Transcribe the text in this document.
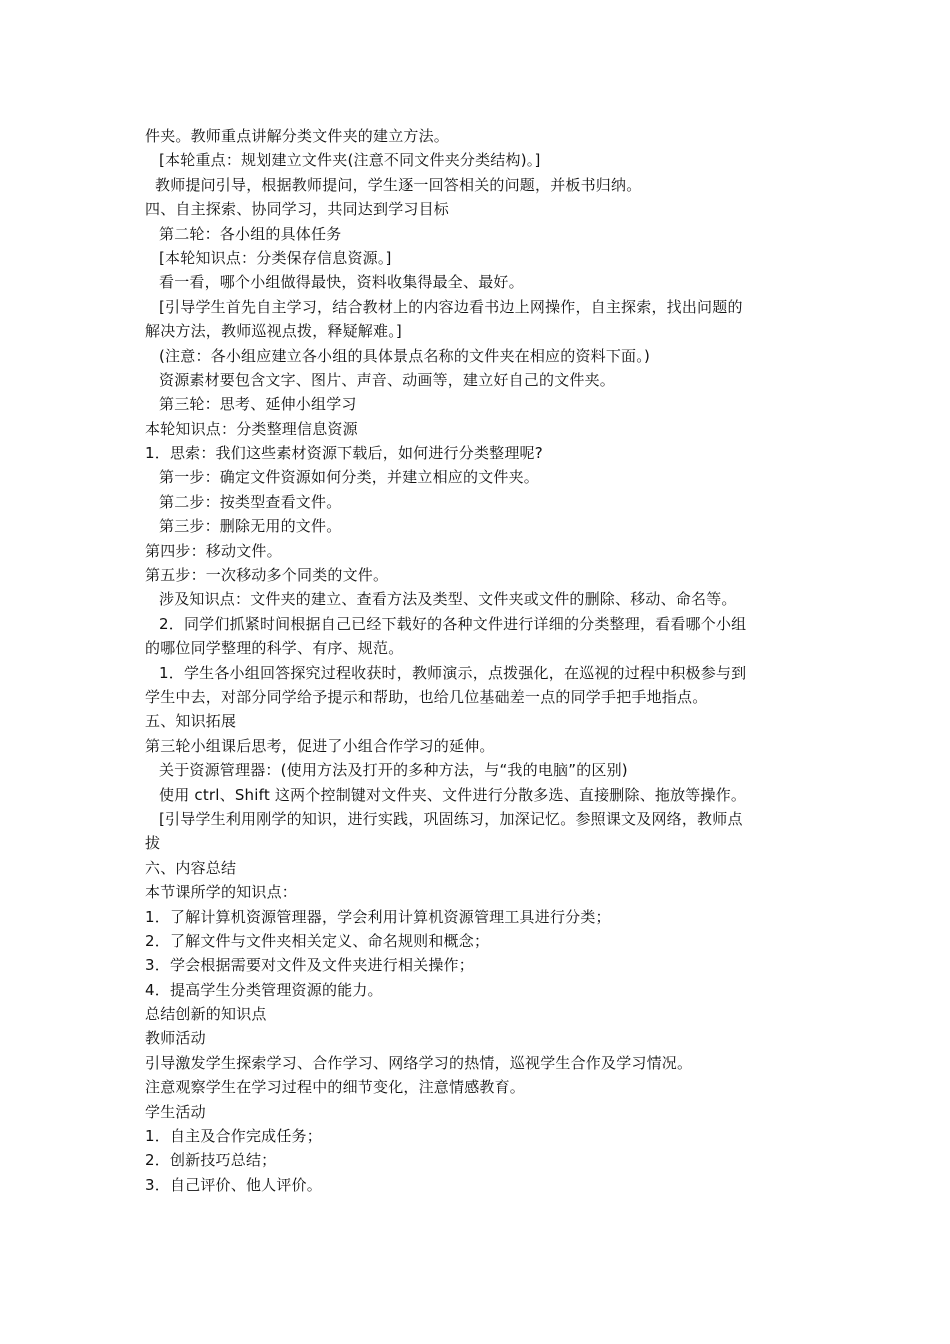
件夹。教师重点讲解分类文件夹的建立方法。
[本轮重点：规划建立文件夹(注意不同文件夹分类结构)。]
教师提问引导，根据教师提问，学生逐一回答相关的问题，并板书归纳。
四、自主探索、协同学习，共同达到学习目标
第二轮：各小组的具体任务
[本轮知识点：分类保存信息资源。]
看一看，哪个小组做得最快，资料收集得最全、最好。
[引导学生首先自主学习，结合教材上的内容边看书边上网操作，自主探索，找出问题的
解决方法，教师巡视点拨，释疑解难。]
(注意：各小组应建立各小组的具体景点名称的文件夹在相应的资料下面。)
资源素材要包含文字、图片、声音、动画等，建立好自己的文件夹。
第三轮：思考、延伸小组学习
本轮知识点：分类整理信息资源
1．思索：我们这些素材资源下载后，如何进行分类整理呢?
第一步：确定文件资源如何分类，并建立相应的文件夹。
第二步：按类型查看文件。
第三步：删除无用的文件。
第四步：移动文件。
第五步：一次移动多个同类的文件。
涉及知识点：文件夹的建立、查看方法及类型、文件夹或文件的删除、移动、命名等。
2．同学们抓紧时间根据自己已经下载好的各种文件进行详细的分类整理，看看哪个小组
的哪位同学整理的科学、有序、规范。
1．学生各小组回答探究过程收获时，教师演示，点拨强化，在巡视的过程中积极参与到
学生中去，对部分同学给予提示和帮助，也给几位基础差一点的同学手把手地指点。
五、知识拓展
第三轮小组课后思考，促进了小组合作学习的延伸。
关于资源管理器：(使用方法及打开的多种方法，与“我的电脑”的区别)
使用 ctrl、Shift 这两个控制键对文件夹、文件进行分散多选、直接删除、拖放等操作。
[引导学生利用刚学的知识，进行实践，巩固练习，加深记忆。参照课文及网络，教师点
拔
六、内容总结
本节课所学的知识点：
1．了解计算机资源管理器，学会利用计算机资源管理工具进行分类；
2．了解文件与文件夹相关定义、命名规则和概念；
3．学会根据需要对文件及文件夹进行相关操作；
4．提高学生分类管理资源的能力。
总结创新的知识点
教师活动
引导激发学生探索学习、合作学习、网络学习的热情，巡视学生合作及学习情况。
注意观察学生在学习过程中的细节变化，注意情感教育。
学生活动
1．自主及合作完成任务；
2．创新技巧总结；
3．自己评价、他人评价。
